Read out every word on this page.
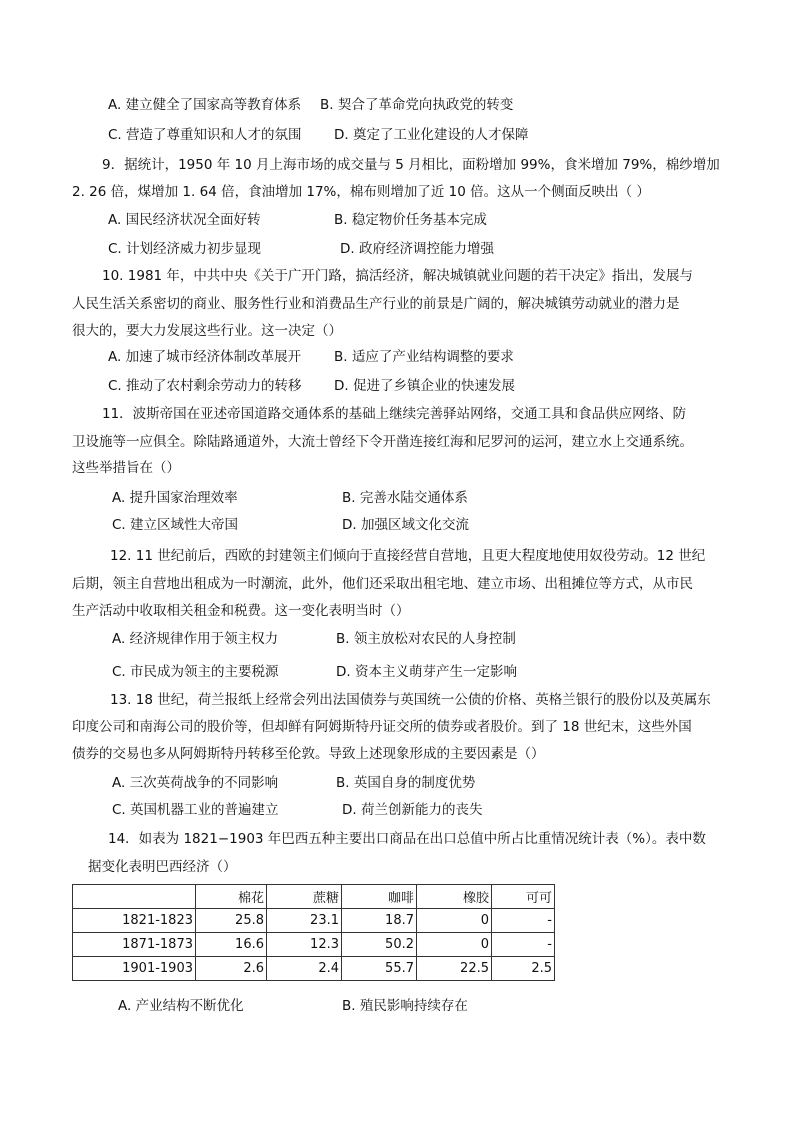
A. 建立健全了国家高等教育体系 B. 契合了革命党向执政党的转变
C. 营造了尊重知识和人才的氛围 D. 奠定了工业化建设的人才保障
9．据统计，1950 年 10 月上海市场的成交量与 5 月相比，面粉增加 99%，食米增加 79%，棉纱增加
2. 26 倍，煤增加 1. 64 倍，食油增加 17%，棉布则增加了近 10 倍。这从一个侧面反映出（ ）
A. 国民经济状况全面好转	B. 稳定物价任务基本完成
C. 计划经济威力初步显现	D. 政府经济调控能力增强
10. 1981 年，中共中央《关于广开门路，搞活经济，解决城镇就业问题的若干决定》指出，发展与
人民生活关系密切的商业、服务性行业和消费品生产行业的前景是广阔的，解决城镇劳动就业的潜力是
很大的，要大力发展这些行业。这一决定（）
A. 加速了城市经济体制改革展开 B. 适应了产业结构调整的要求
C. 推动了农村剩余劳动力的转移 D. 促进了乡镇企业的快速发展
11．波斯帝国在亚述帝国道路交通体系的基础上继续完善驿站网络，交通工具和食品供应网络、防
卫设施等一应俱全。除陆路通道外，大流士曾经下令开凿连接红海和尼罗河的运河，建立水上交通系统。
这些举措旨在（）
A. 提升国家治理效率	B. 完善水陆交通体系
C. 建立区域性大帝国	D. 加强区域文化交流
12. 11 世纪前后，西欧的封建领主们倾向于直接经营自营地，且更大程度地使用奴役劳动。12 世纪
后期，领主自营地出租成为一时潮流，此外，他们还采取出租宅地、建立市场、出租摊位等方式，从市民
生产活动中收取相关租金和税费。这一变化表明当时（）
A. 经济规律作用于领主权力	B. 领主放松对农民的人身控制
C. 市民成为领主的主要税源	D. 资本主义萌芽产生一定影响
13. 18 世纪，荷兰报纸上经常会列出法国债券与英国统一公债的价格、英格兰银行的股份以及英属东
印度公司和南海公司的股价等，但却鲜有阿姆斯特丹证交所的债券或者股价。到了 18 世纪末，这些外国
债券的交易也多从阿姆斯特丹转移至伦敦。导致上述现象形成的主要因素是（）
A. 三次英荷战争的不同影响	B. 英国自身的制度优势
C. 英国机器工业的普遍建立	D. 荷兰创新能力的丧失
14．如表为 1821−1903 年巴西五种主要出口商品在出口总值中所占比重情况统计表（%）。表中数
据变化表明巴西经济（）
	棉花	蔗糖	咖啡	橡胶	可可
1821-1823	25.8	23.1	18.7	0	-
1871-1873	16.6	12.3	50.2	0	-
1901-1903	2.6	2.4	55.7	22.5	2.5
A. 产业结构不断优化	B. 殖民影响持续存在
